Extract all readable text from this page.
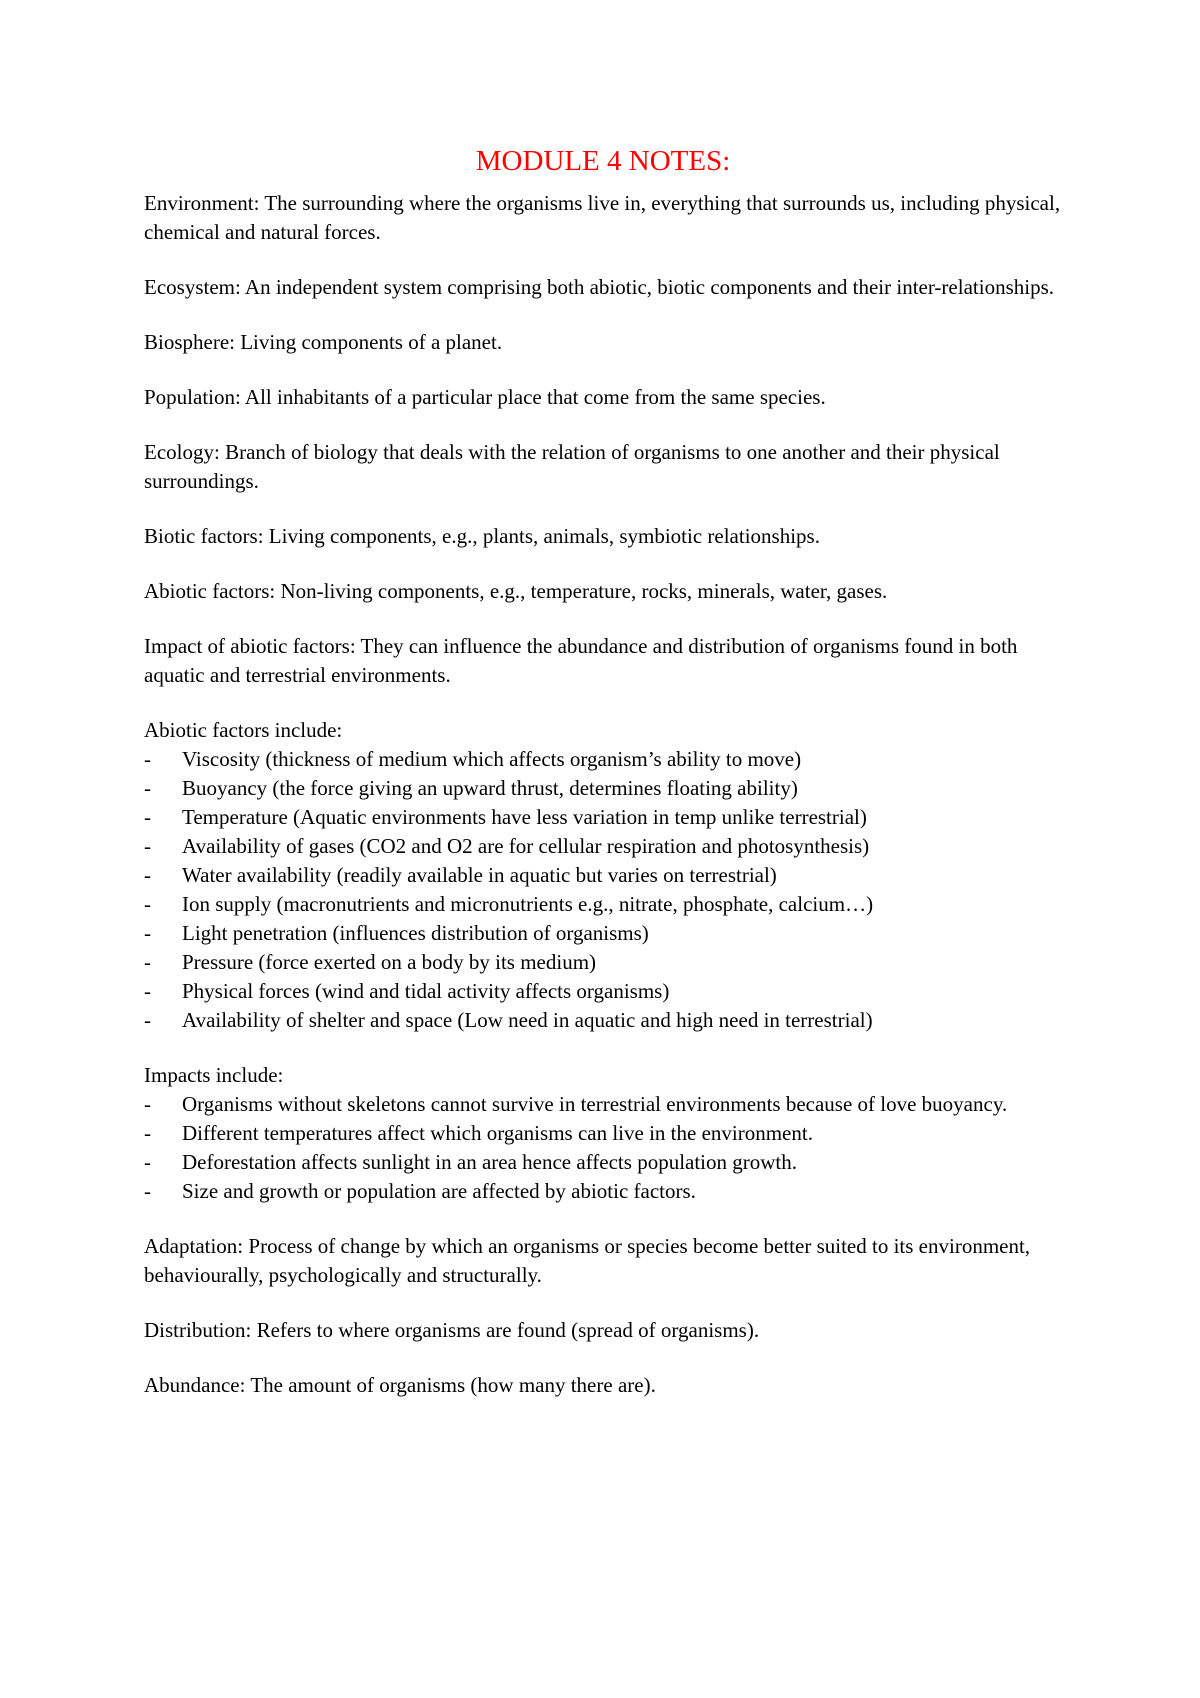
MODULE 4 NOTES:

Environment: The surrounding where the organisms live in, everything that surrounds us, including physical, chemical and natural forces.

Ecosystem: An independent system comprising both abiotic, biotic components and their inter-relationships.

Biosphere: Living components of a planet.

Population: All inhabitants of a particular place that come from the same species.

Ecology: Branch of biology that deals with the relation of organisms to one another and their physical surroundings.

Biotic factors: Living components, e.g., plants, animals, symbiotic relationships.

Abiotic factors: Non-living components, e.g., temperature, rocks, minerals, water, gases.

Impact of abiotic factors: They can influence the abundance and distribution of organisms found in both aquatic and terrestrial environments.

Abiotic factors include:
-	Viscosity (thickness of medium which affects organism’s ability to move)
-	Buoyancy (the force giving an upward thrust, determines floating ability)
-	Temperature (Aquatic environments have less variation in temp unlike terrestrial)
-	Availability of gases (CO2 and O2 are for cellular respiration and photosynthesis)
-	Water availability (readily available in aquatic but varies on terrestrial)
-	Ion supply (macronutrients and micronutrients e.g., nitrate, phosphate, calcium…)
-	Light penetration (influences distribution of organisms)
-	Pressure (force exerted on a body by its medium)
-	Physical forces (wind and tidal activity affects organisms)
-	Availability of shelter and space (Low need in aquatic and high need in terrestrial)
Impacts include:
-	Organisms without skeletons cannot survive in terrestrial environments because of love buoyancy.
-	Different temperatures affect which organisms can live in the environment.
-	Deforestation affects sunlight in an area hence affects population growth.
-	Size and growth or population are affected by abiotic factors.

Adaptation: Process of change by which an organisms or species become better suited to its environment, behaviourally, psychologically and structurally.

Distribution: Refers to where organisms are found (spread of organisms).

Abundance: The amount of organisms (how many there are).
